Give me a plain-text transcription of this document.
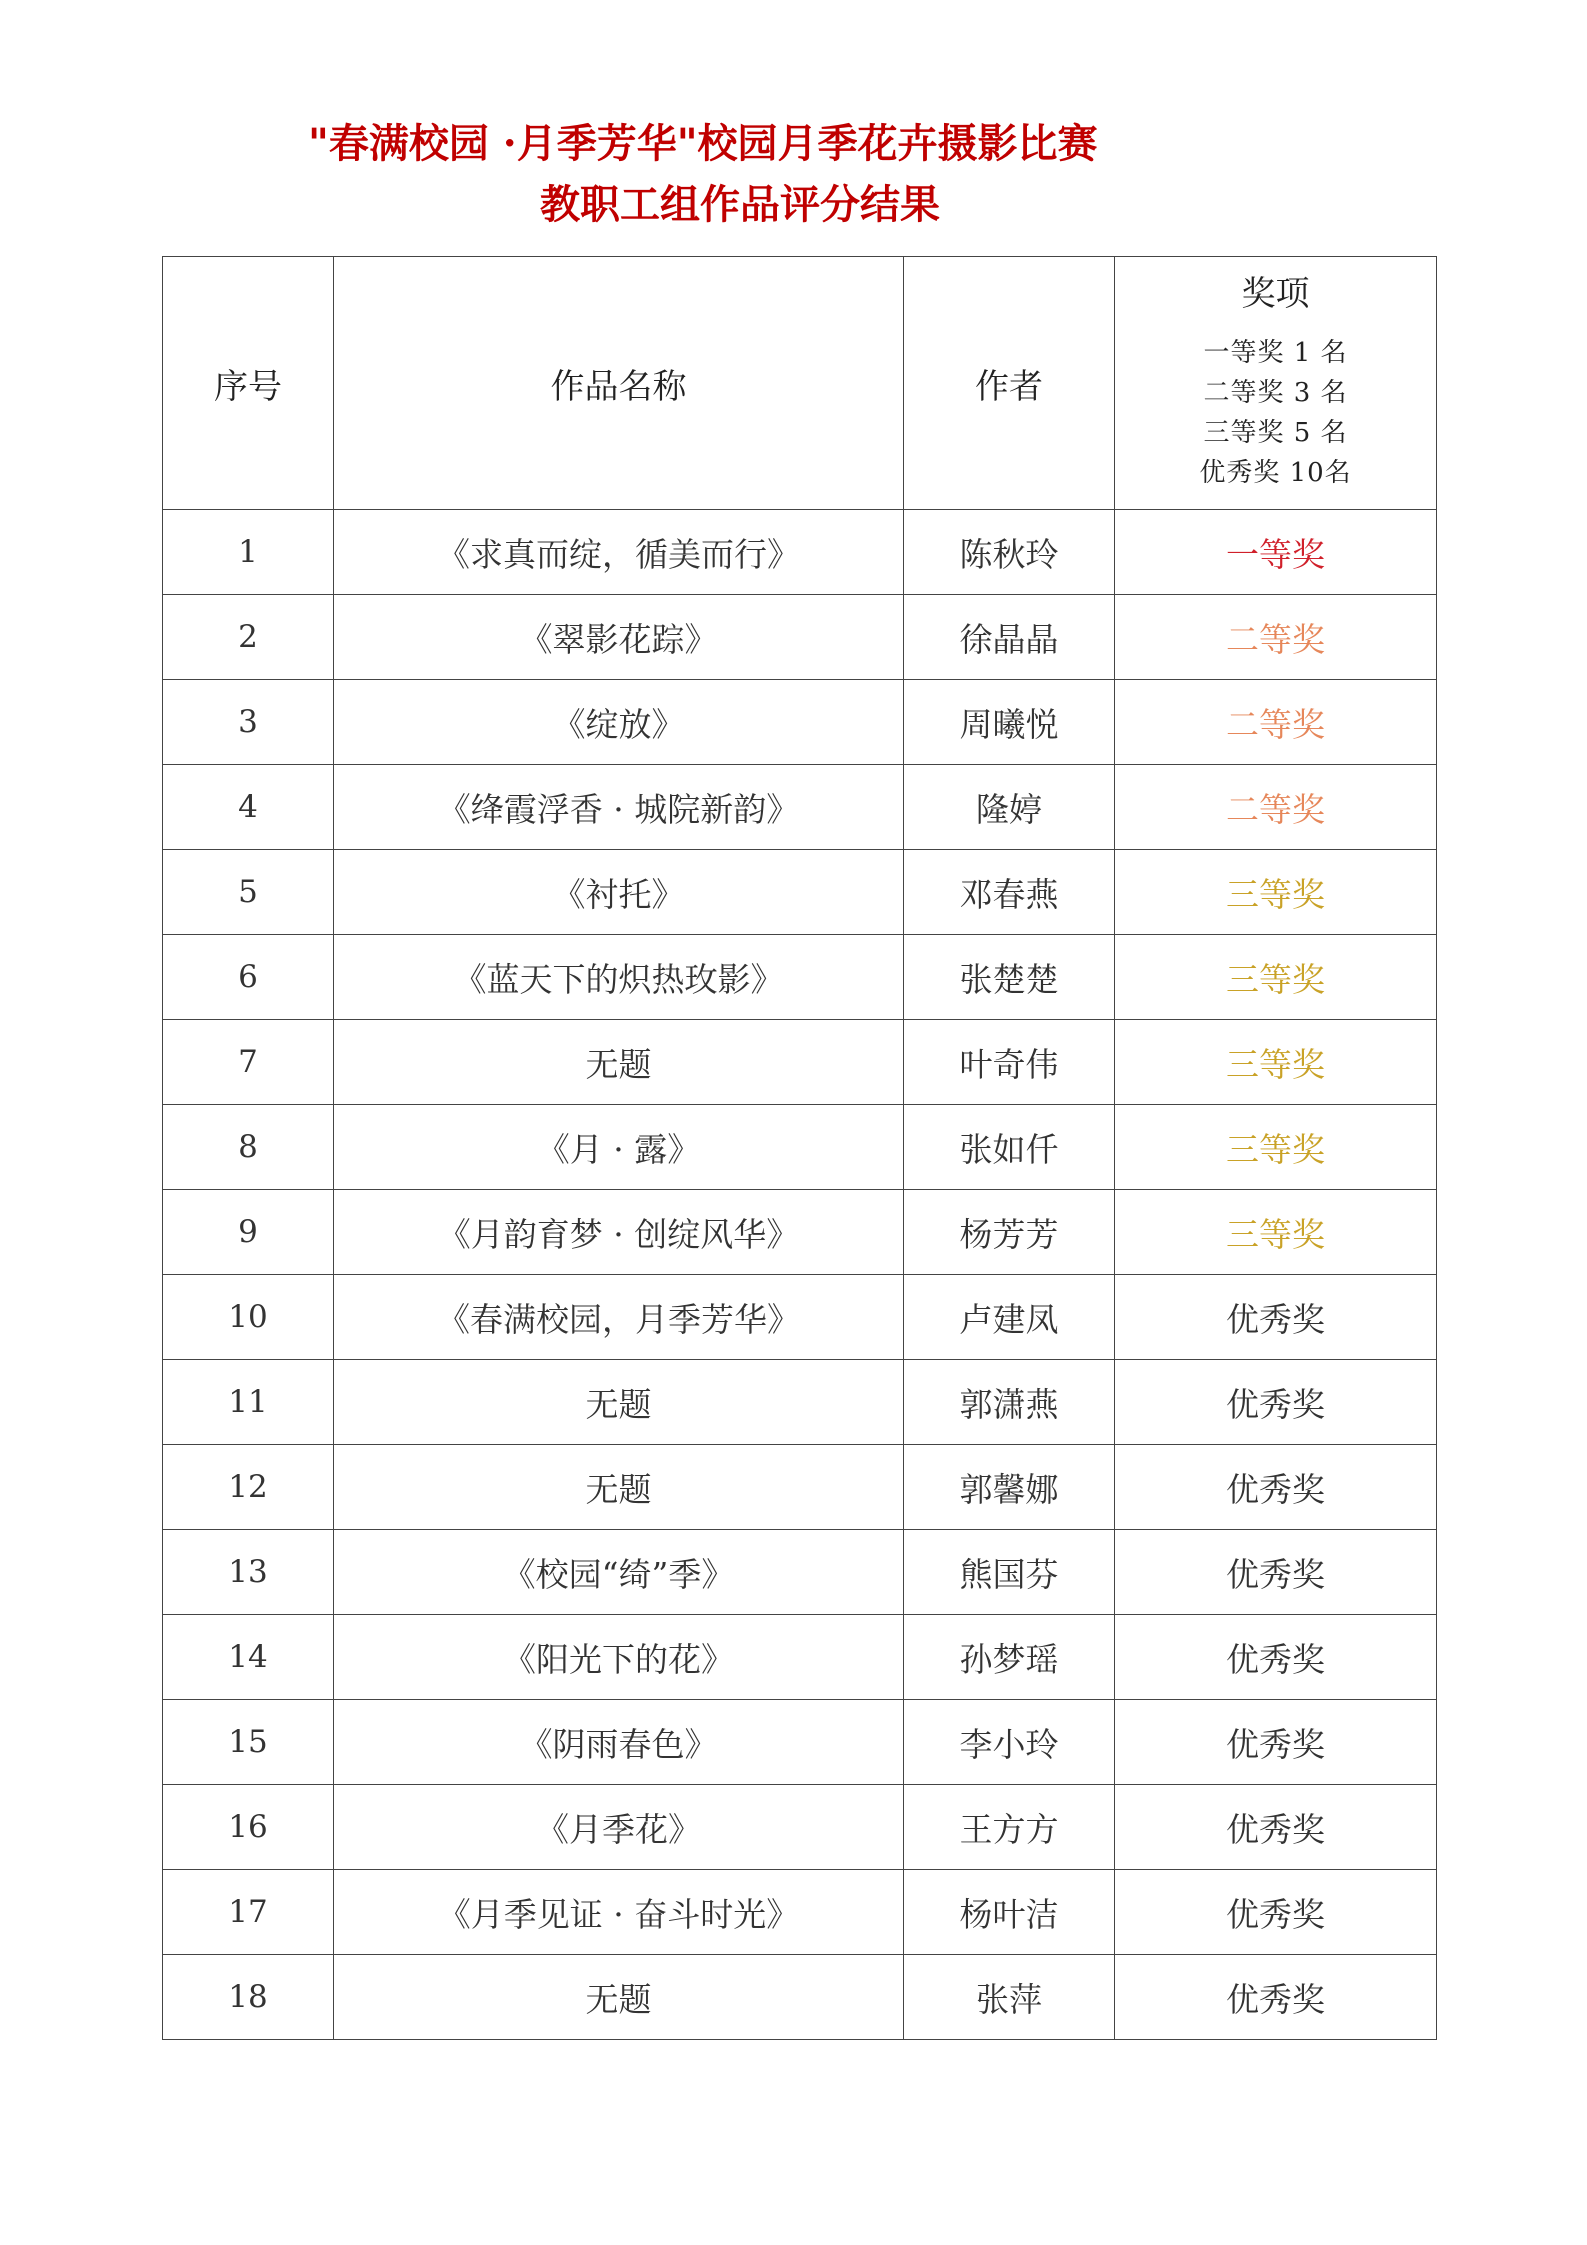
"春满校园 ·月季芳华"校园月季花卉摄影比赛
教职工组作品评分结果
序号	作品名称	作者	奖项
一等奖 1 名
二等奖 3 名
三等奖 5 名
优秀奖 10名

1	《求真而绽，循美而行》	陈秋玲	一等奖
2	《翠影花踪》	徐晶晶	二等奖
3	《绽放》	周曦悦	二等奖
4	《绛霞浮香 · 城院新韵》	隆婷	二等奖
5	《衬托》	邓春燕	三等奖
6	《蓝天下的炽热玫影》	张楚楚	三等奖
7	无题	叶奇伟	三等奖
8	《月 · 露》	张如仟	三等奖
9	《月韵育梦 · 创绽风华》	杨芳芳	三等奖
10	《春满校园，月季芳华》	卢建凤	优秀奖
11	无题	郭潇燕	优秀奖
12	无题	郭馨娜	优秀奖
13	《校园“绮”季》	熊国芬	优秀奖
14	《阳光下的花》	孙梦瑶	优秀奖
15	《阴雨春色》	李小玲	优秀奖
16	《月季花》	王方方	优秀奖
17	《月季见证 · 奋斗时光》	杨叶洁	优秀奖
18	无题	张萍	优秀奖
